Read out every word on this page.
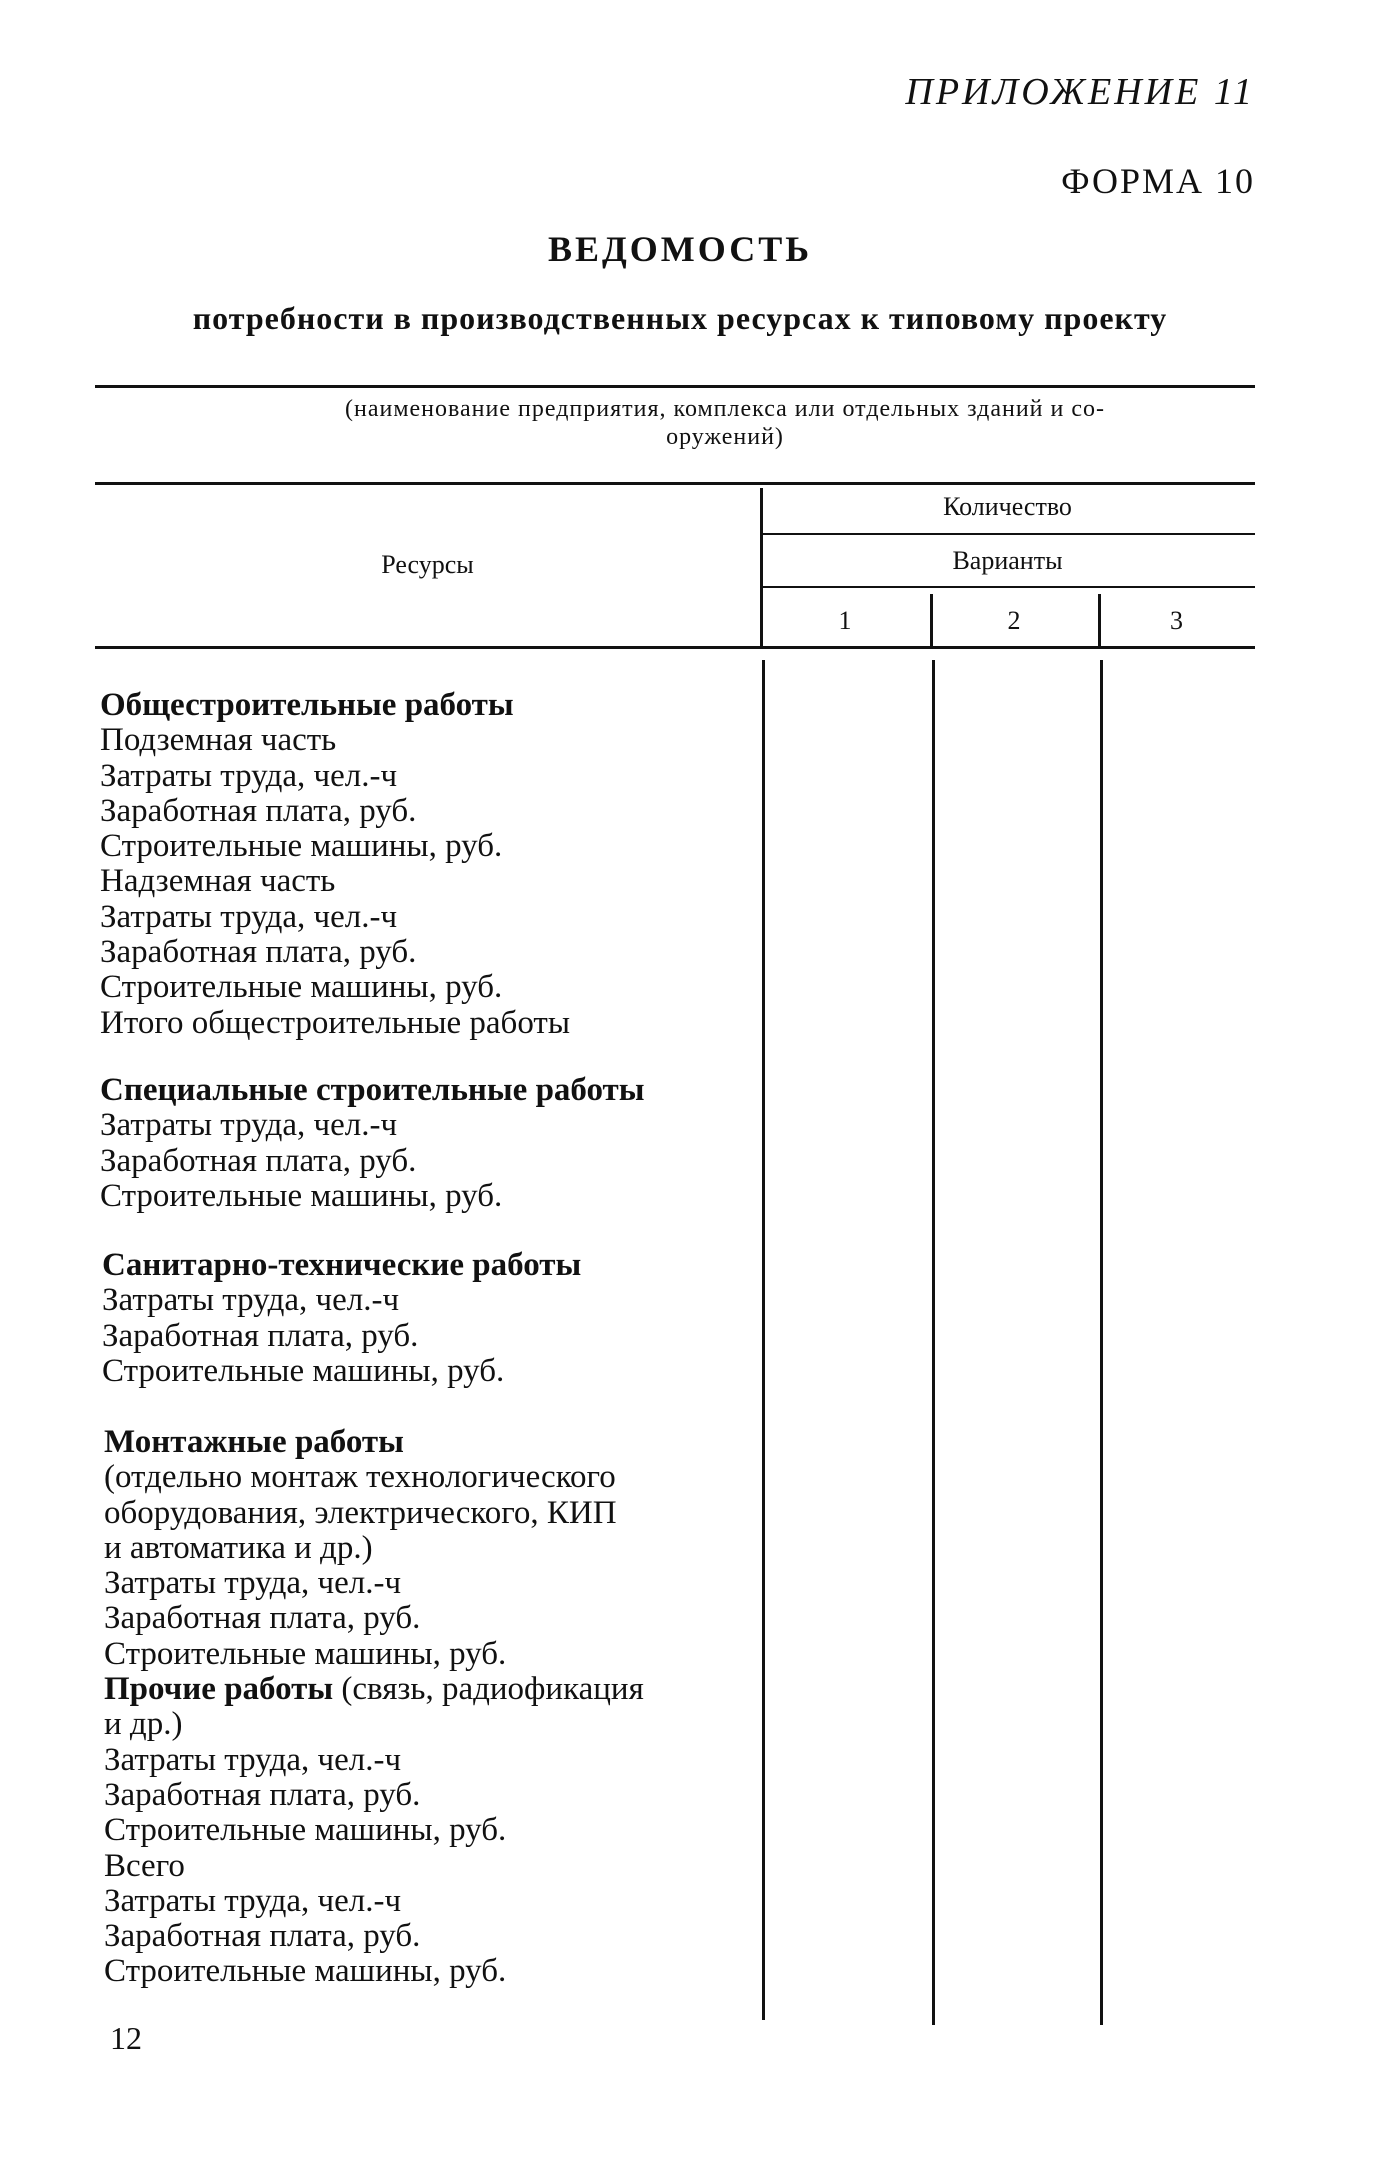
ПРИЛОЖЕНИЕ 11
ФОРМА 10
ВЕДОМОСТЬ
потребности в производственных ресурсах к типовому проекту
(наименование предприятия, комплекса или отдельных зданий и со-
оружений)
Ресурсы
Количество
Варианты
1	2	3
Общестроительные работы
Подземная часть
Затраты труда, чел.-ч
Заработная плата, руб.
Строительные машины, руб.
Надземная часть
Затраты труда, чел.-ч
Заработная плата, руб.
Строительные машины, руб.
Итого общестроительные работы
Специальные строительные работы
Затраты труда, чел.-ч
Заработная плата, руб.
Строительные машины, руб.
Санитарно-технические работы
Затраты труда, чел.-ч
Заработная плата, руб.
Строительные машины, руб.
Монтажные работы
(отдельно монтаж технологического
оборудования, электрического, КИП
и автоматика и др.)
Затраты труда, чел.-ч
Заработная плата, руб.
Строительные машины, руб.
Прочие работы (связь, радиофикация
и др.)
Затраты труда, чел.-ч
Заработная плата, руб.
Строительные машины, руб.
Всего
Затраты труда, чел.-ч
Заработная плата, руб.
Строительные машины, руб.
12
